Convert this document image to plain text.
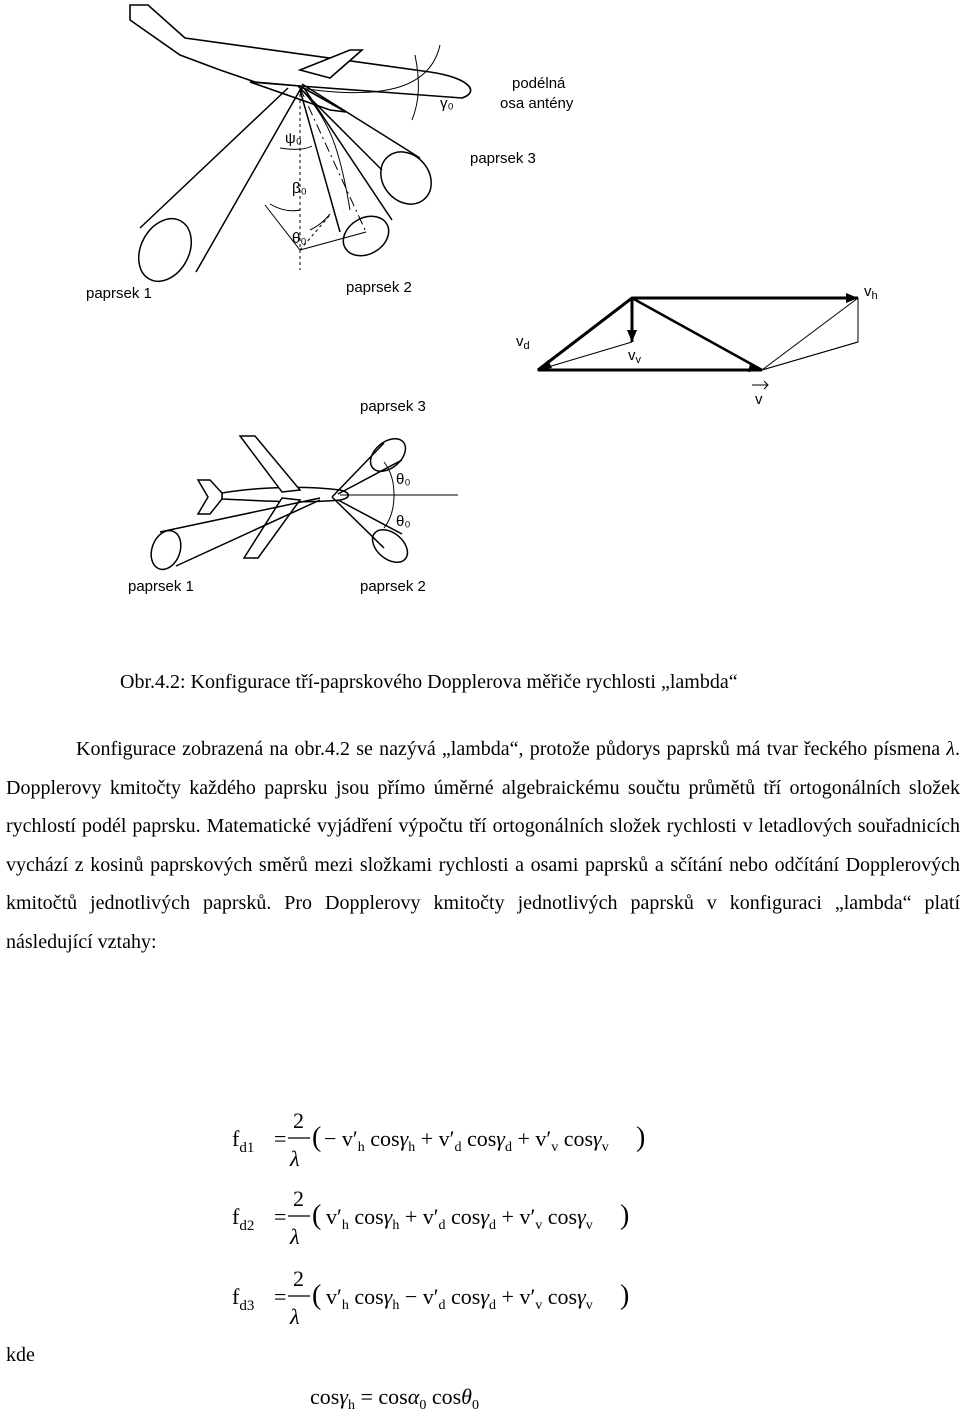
γ₀
podélná
osa antény
paprsek 3
ψ₀
β₀
θ₀
paprsek 1	paprsek 2	$v_h$
$v_d$
$v_v$
v
paprsek 3
θ₀
θ₀
paprsek 1	paprsek 2
Obr.4.2: Konfigurace tří-paprskového Dopplerova měřiče rychlosti „lambda“

Konfigurace zobrazená na obr.4.2 se nazývá „lambda“, protože půdorys paprsků má tvar řeckého písmena λ. Dopplerovy kmitočty každého paprsku jsou přímo úměrné algebraickému součtu průmětů tří ortogonálních složek rychlostí podél paprsku. Matematické vyjádření výpočtu tří ortogonálních složek rychlosti v letadlových souřadnicích vychází z kosinů paprskových směrů mezi složkami rychlosti a osami paprsků a sčítání nebo odčítání Dopplerových kmitočtů jednotlivých paprsků. Pro Dopplerovy kmitočty jednotlivých paprsků v konfiguraci „lambda“ platí následující vztahy:

$f_{d1}$ =
2
λ
( − $v'_h$ $\cos\gamma_h + v'_d$ $\cos\gamma_d + v'_v$ cosγ$_v$ )
$f_{d2}$ =
2
λ
( $v'_h$ $\cos\gamma_h + v'_d$ $\cos\gamma_d + v'_v$ cosγ$_v$ )
$f_{d3}$ =
2
λ
( $v'_h$ $\cos\gamma_h - v'_d$ $\cos\gamma_d + v'_v$ cosγ$_v$ )
cosγ$_h$ = cosα$_0$ cosθ$_0$
kde
